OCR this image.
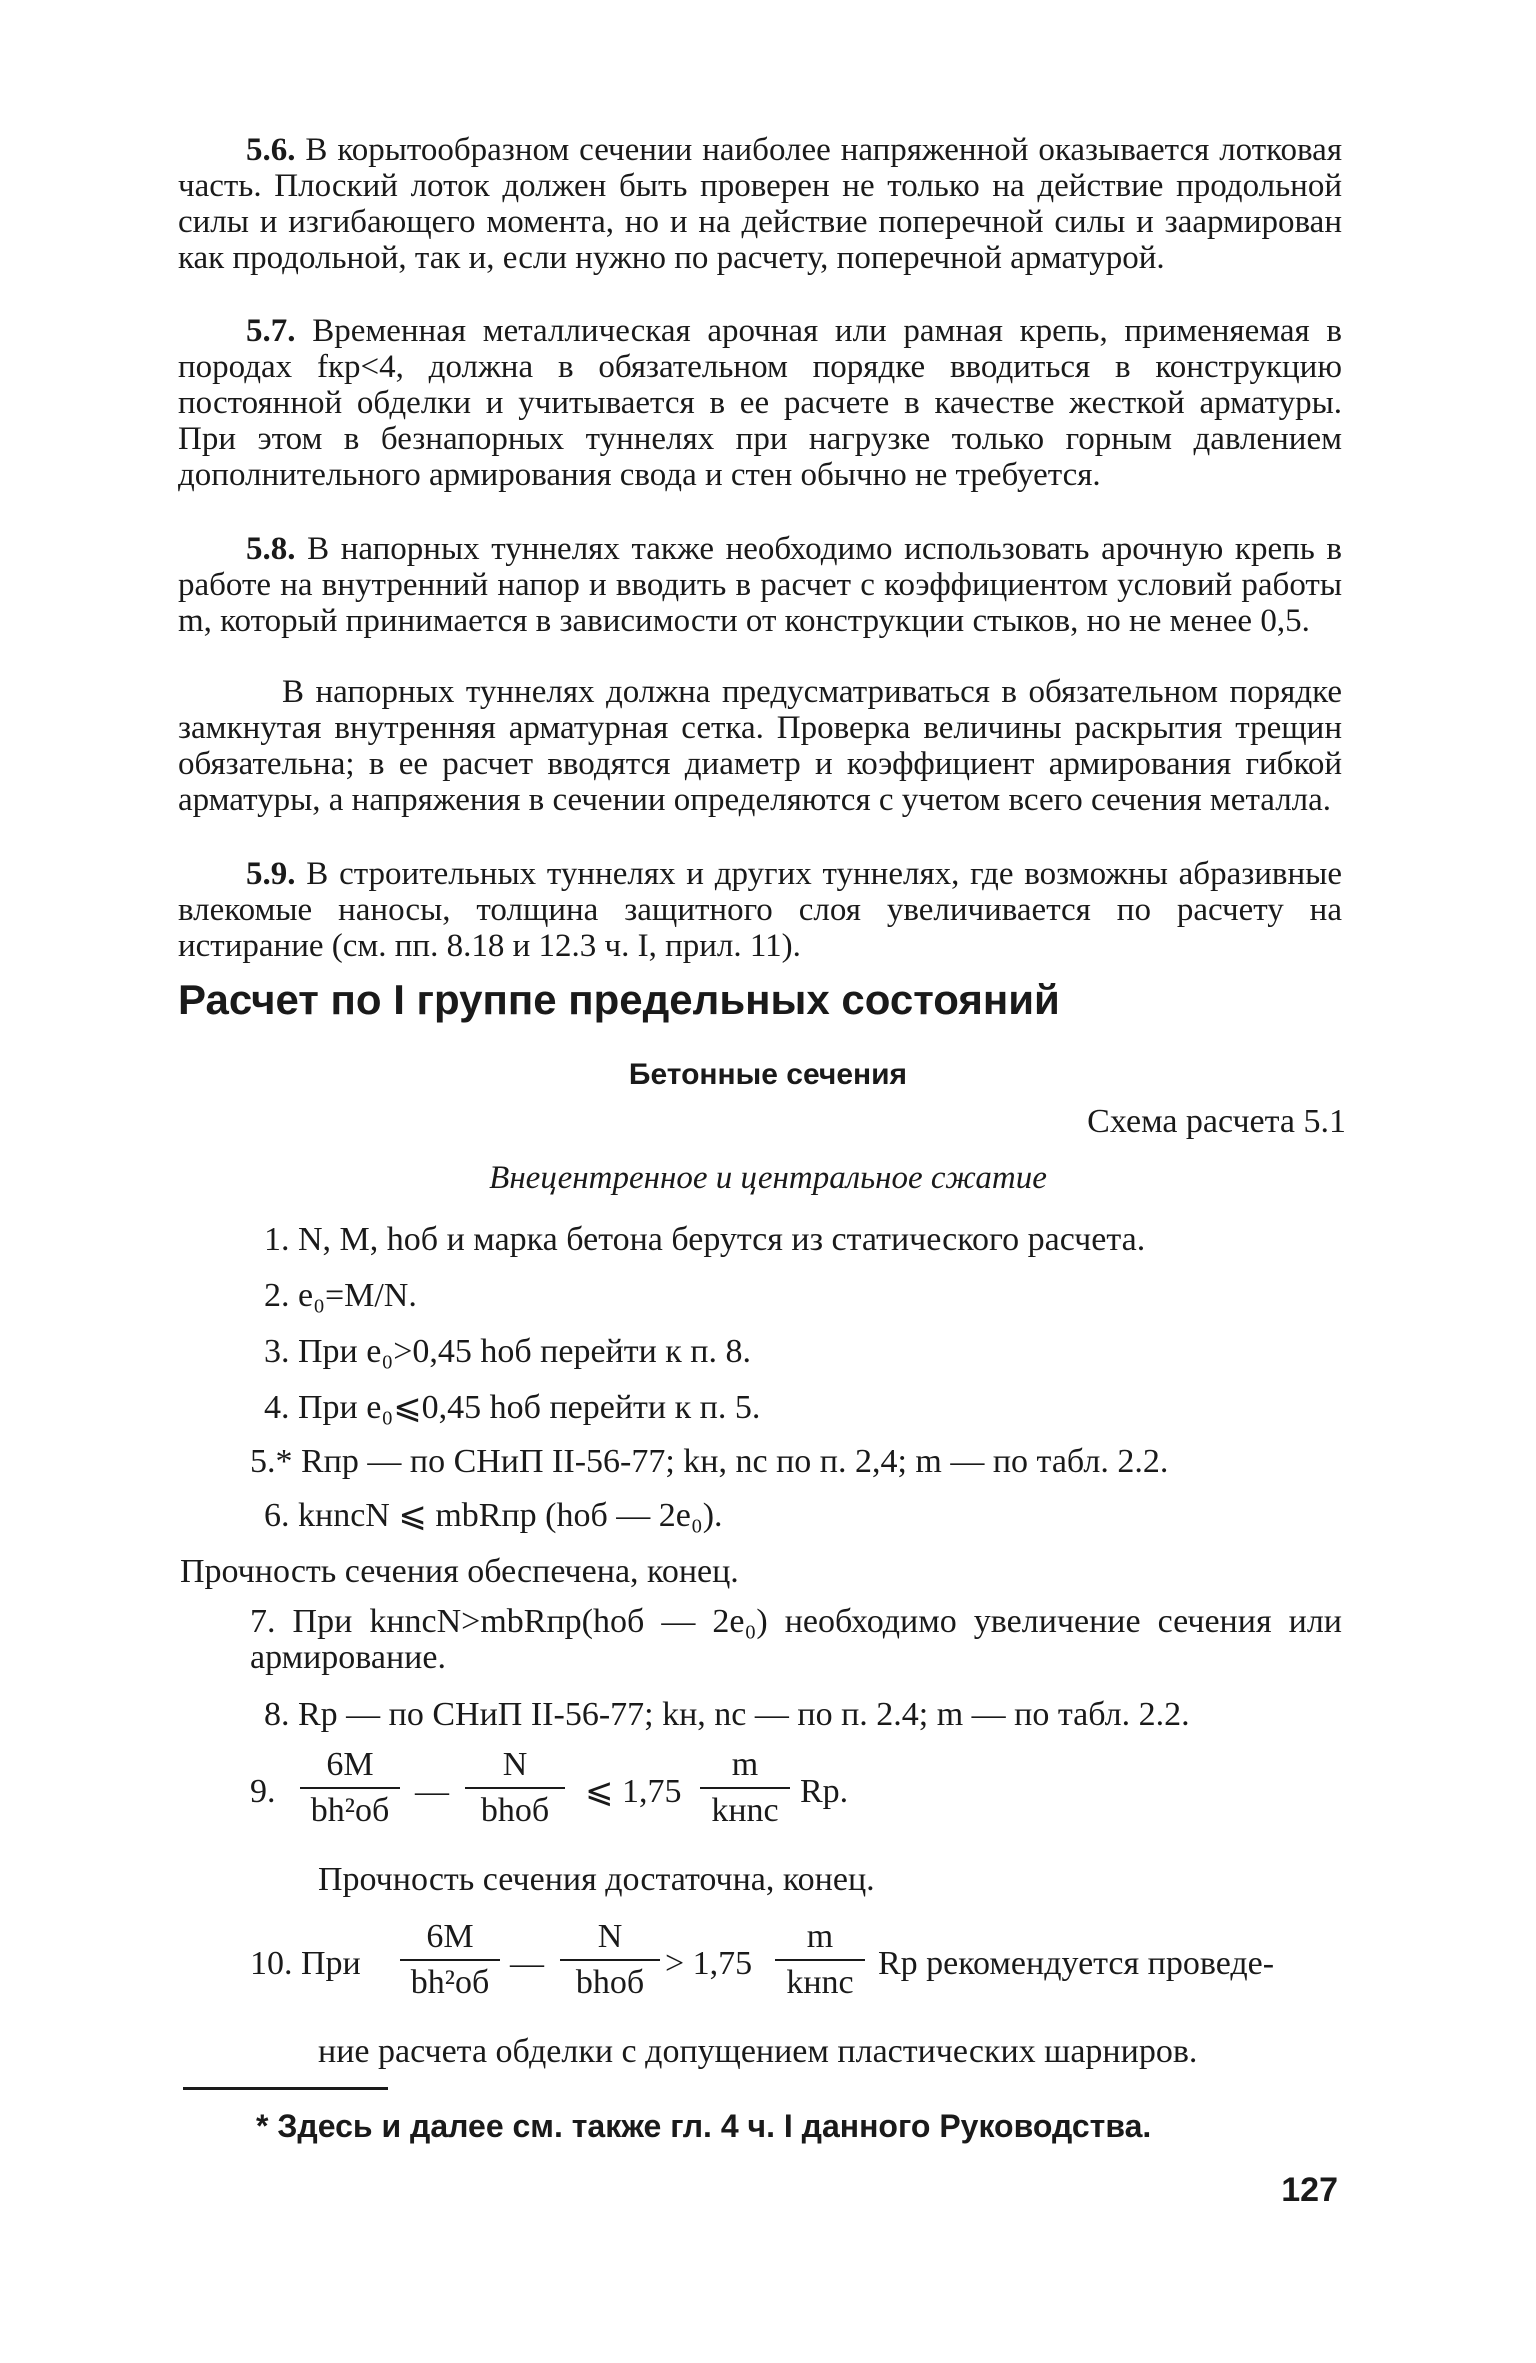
5.6. В корытообразном сечении наиболее напряженной оказывается лотковая часть. Плоский лоток должен быть проверен не только на действие продольной силы и изгибающего момента, но и на действие поперечной силы и заармирован как продольной, так и, если нужно по расчету, поперечной арматурой.

5.7. Временная металлическая арочная или рамная крепь, применяемая в породах fкр<4, должна в обязательном порядке вводиться в конструкцию постоянной обделки и учитывается в ее расчете в качестве жесткой арматуры. При этом в безнапорных туннелях при нагрузке только горным давлением дополнительного армирования свода и стен обычно не требуется.

5.8. В напорных туннелях также необходимо использовать арочную крепь в работе на внутренний напор и вводить в расчет с коэффициентом условий работы m, который принимается в зависимости от конструкции стыков, но не менее 0,5.

В напорных туннелях должна предусматриваться в обязательном порядке замкнутая внутренняя арматурная сетка. Проверка величины раскрытия трещин обязательна; в ее расчет вводятся диаметр и коэффициент армирования гибкой арматуры, а напряжения в сечении определяются с учетом всего сечения металла.

5.9. В строительных туннелях и других туннелях, где возможны абразивные влекомые наносы, толщина защитного слоя увеличивается по расчету на истирание (см. пп. 8.18 и 12.3 ч. I, прил. 11).

Расчет по I группе предельных состояний
Бетонные сечения
Схема расчета 5.1
Внецентренное и центральное сжатие
1. N, M, hоб и марка бетона берутся из статического расчета.
2. e₀=M/N.
3. При e₀>0,45 hоб перейти к п. 8.
4. При e₀⩽0,45 hоб перейти к п. 5.
5.* Rпр — по СНиП II-56-77; kн, nс по п. 2,4; m — по табл. 2.2.
6. kнnсN ⩽ mbRпр (hоб — 2e₀).
Прочность сечения обеспечена, конец.
7. При kнnсN>mbRпр(hоб — 2e₀) необходимо увеличение сечения или армирование.
8. Rр — по СНиП II-56-77; kн, nс — по п. 2.4; m — по табл. 2.2.
9.
6M
bh²об
—
N
bhоб
⩽ 1,75
m
kнnс
Rр.
Прочность сечения достаточна, конец.
10. При
6M
bh²об
—
N
bhоб
> 1,75
m
kнnс
Rр рекомендуется проведе-
ние расчета обделки с допущением пластических шарниров.

* Здесь и далее см. также гл. 4 ч. I данного Руководства.

127
